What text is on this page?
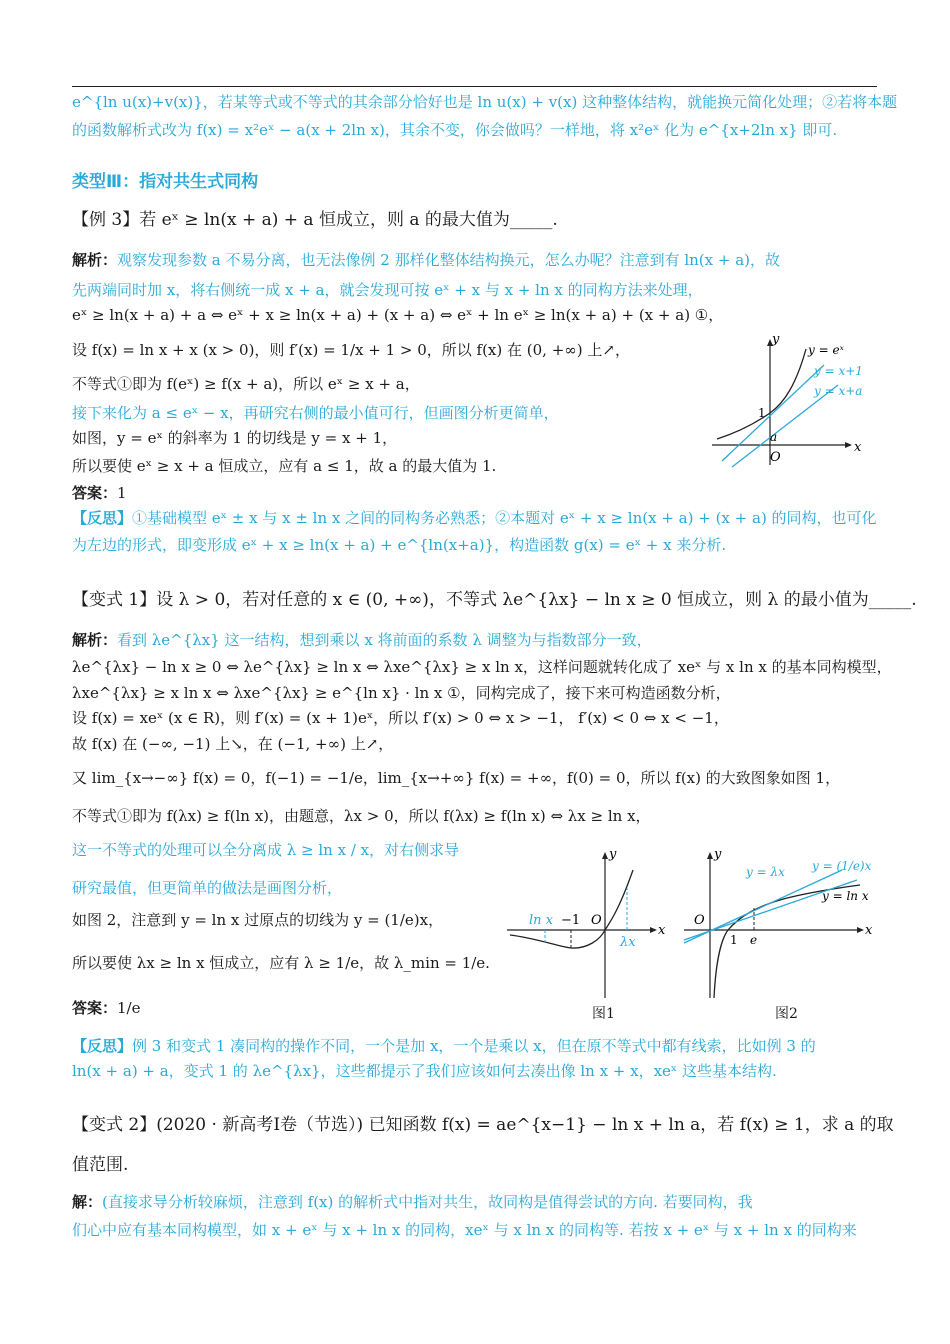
e^{ln u(x)+v(x)}，若某等式或不等式的其余部分恰好也是 ln u(x) + v(x) 这种整体结构，就能换元简化处理；②若将本题
的函数解析式改为 f(x) = x²eˣ − a(x + 2ln x)，其余不变，你会做吗？一样地，将 x²eˣ 化为 e^{x+2ln x} 即可.
类型Ⅲ：指对共生式同构
【例 3】若 eˣ ≥ ln(x + a) + a 恒成立，则 a 的最大值为_____.
解析：观察发现参数 a 不易分离，也无法像例 2 那样化整体结构换元，怎么办呢？注意到有 ln(x + a)，故
先两端同时加 x，将右侧统一成 x + a，就会发现可按 eˣ + x 与 x + ln x 的同构方法来处理，
eˣ ≥ ln(x + a) + a ⇔ eˣ + x ≥ ln(x + a) + (x + a) ⇔ eˣ + ln eˣ ≥ ln(x + a) + (x + a) ①，
设 f(x) = ln x + x (x > 0)，则 f′(x) = 1/x + 1 > 0，所以 f(x) 在 (0, +∞) 上↗，
不等式①即为 f(eˣ) ≥ f(x + a)，所以 eˣ ≥ x + a，
接下来化为 a ≤ eˣ − x，再研究右侧的最小值可行，但画图分析更简单，
如图，y = eˣ 的斜率为 1 的切线是 y = x + 1，
所以要使 eˣ ≥ x + a 恒成立，应有 a ≤ 1，故 a 的最大值为 1.
答案：1
【反思】①基础模型 eˣ ± x 与 x ± ln x 之间的同构务必熟悉；②本题对 eˣ + x ≥ ln(x + a) + (x + a) 的同构，也可化
为左边的形式，即变形成 eˣ + x ≥ ln(x + a) + e^{ln(x+a)}，构造函数 g(x) = eˣ + x 来分析.
y
x
O
1
a
y = eˣ
y = x+1
y = x+a
【变式 1】设 λ > 0，若对任意的 x ∈ (0, +∞)，不等式 λe^{λx} − ln x ≥ 0 恒成立，则 λ 的最小值为_____.
解析：看到 λe^{λx} 这一结构，想到乘以 x 将前面的系数 λ 调整为与指数部分一致，
λe^{λx} − ln x ≥ 0 ⇔ λe^{λx} ≥ ln x ⇔ λxe^{λx} ≥ x ln x，这样问题就转化成了 xeˣ 与 x ln x 的基本同构模型，
λxe^{λx} ≥ x ln x ⇔ λxe^{λx} ≥ e^{ln x} · ln x ①，同构完成了，接下来可构造函数分析，
设 f(x) = xeˣ (x ∈ R)，则 f′(x) = (x + 1)eˣ，所以 f′(x) > 0 ⇔ x > −1， f′(x) < 0 ⇔ x < −1，
故 f(x) 在 (−∞, −1) 上↘，在 (−1, +∞) 上↗，
又 lim_{x→−∞} f(x) = 0，f(−1) = −1/e，lim_{x→+∞} f(x) = +∞，f(0) = 0，所以 f(x) 的大致图象如图 1，
不等式①即为 f(λx) ≥ f(ln x)，由题意，λx > 0，所以 f(λx) ≥ f(ln x) ⇔ λx ≥ ln x，
这一不等式的处理可以全分离成 λ ≥ ln x / x，对右侧求导
研究最值，但更简单的做法是画图分析，
如图 2，注意到 y = ln x 过原点的切线为 y = (1/e)x，
所以要使 λx ≥ ln x 恒成立，应有 λ ≥ 1/e，故 λ_min = 1/e.
答案：1/e
ln x −1 O
λx
x
y
图1
O
1 e
y = λx y = (1/e)x
y = ln x
x
y
图2
【反思】例 3 和变式 1 凑同构的操作不同，一个是加 x，一个是乘以 x，但在原不等式中都有线索，比如例 3 的
ln(x + a) + a，变式 1 的 λe^{λx}，这些都提示了我们应该如何去凑出像 ln x + x，xeˣ 这些基本结构.
【变式 2】(2020 · 新高考Ⅰ卷（节选）) 已知函数 f(x) = ae^{x−1} − ln x + ln a，若 f(x) ≥ 1，求 a 的取
值范围.
解：(直接求导分析较麻烦，注意到 f(x) 的解析式中指对共生，故同构是值得尝试的方向. 若要同构，我
们心中应有基本同构模型，如 x + eˣ 与 x + ln x 的同构，xeˣ 与 x ln x 的同构等. 若按 x + eˣ 与 x + ln x 的同构来
